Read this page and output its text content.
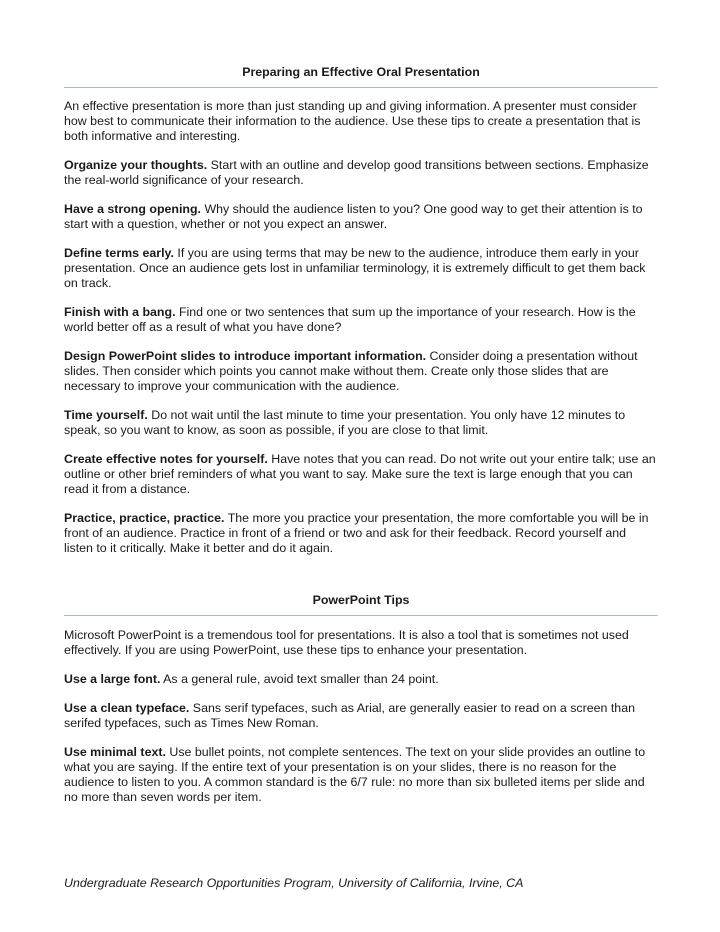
Preparing an Effective Oral Presentation

An effective presentation is more than just standing up and giving information. A presenter must consider how best to communicate their information to the audience. Use these tips to create a presentation that is both informative and interesting.

Organize your thoughts. Start with an outline and develop good transitions between sections. Emphasize the real-world significance of your research.

Have a strong opening. Why should the audience listen to you? One good way to get their attention is to start with a question, whether or not you expect an answer.

Define terms early. If you are using terms that may be new to the audience, introduce them early in your presentation. Once an audience gets lost in unfamiliar terminology, it is extremely difficult to get them back on track.

Finish with a bang. Find one or two sentences that sum up the importance of your research. How is the world better off as a result of what you have done?

Design PowerPoint slides to introduce important information. Consider doing a presentation without slides. Then consider which points you cannot make without them. Create only those slides that are necessary to improve your communication with the audience.

Time yourself. Do not wait until the last minute to time your presentation. You only have 12 minutes to speak, so you want to know, as soon as possible, if you are close to that limit.

Create effective notes for yourself. Have notes that you can read. Do not write out your entire talk; use an outline or other brief reminders of what you want to say. Make sure the text is large enough that you can read it from a distance.

Practice, practice, practice. The more you practice your presentation, the more comfortable you will be in front of an audience. Practice in front of a friend or two and ask for their feedback. Record yourself and listen to it critically. Make it better and do it again.

PowerPoint Tips

Microsoft PowerPoint is a tremendous tool for presentations. It is also a tool that is sometimes not used effectively. If you are using PowerPoint, use these tips to enhance your presentation.

Use a large font. As a general rule, avoid text smaller than 24 point.

Use a clean typeface. Sans serif typefaces, such as Arial, are generally easier to read on a screen than serifed typefaces, such as Times New Roman.

Use minimal text. Use bullet points, not complete sentences. The text on your slide provides an outline to what you are saying. If the entire text of your presentation is on your slides, there is no reason for the audience to listen to you. A common standard is the 6/7 rule: no more than six bulleted items per slide and no more than seven words per item.

Undergraduate Research Opportunities Program, University of California, Irvine, CA
